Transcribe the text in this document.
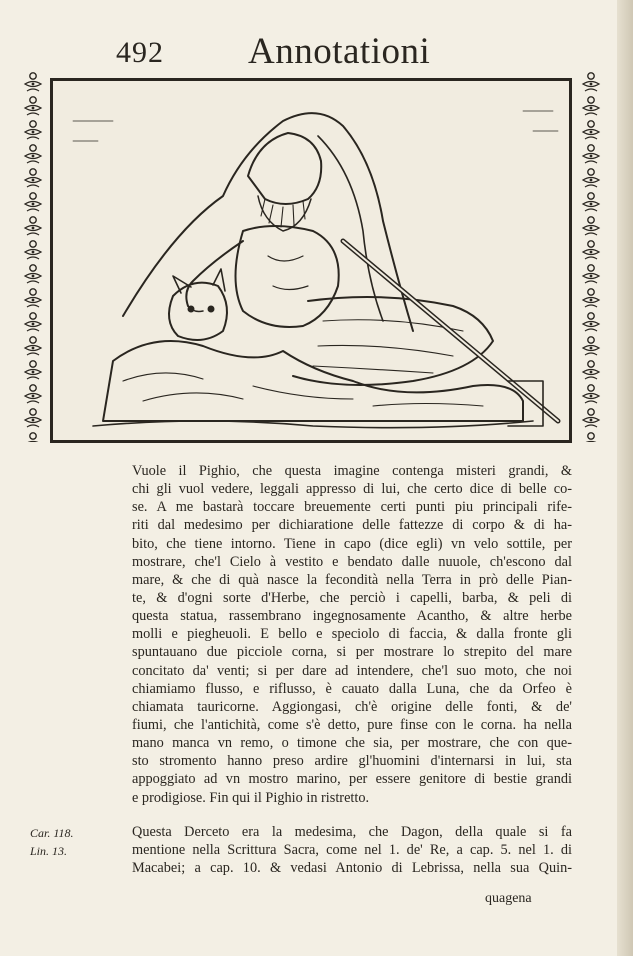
492 Annotationi
Vuole il Pighio, che questa imagine contenga misteri grandi, &
chi gli vuol vedere, leggali appresso di lui, che certo dice di belle co-
se. A me bastarà toccare breuemente certi punti piu principali rife-
riti dal medesimo per dichiaratione delle fattezze di corpo & di ha-
bito, che tiene intorno. Tiene in capo (dice egli) vn velo sottile, per
mostrare, che'l Cielo à vestito e bendato dalle nuuole, ch'escono dal
mare, & che di quà nasce la fecondità nella Terra in prò delle Pian-
te, & d'ogni sorte d'Herbe, che perciò i capelli, barba, & peli di
questa statua, rassembrano ingegnosamente Acantho, & altre herbe
molli e piegheuoli. E bello e speciolo di faccia, & dalla fronte gli
spuntauano due picciole corna, si per mostrare lo strepito del mare
concitato da' venti; si per dare ad intendere, che'l suo moto, che noi
chiamiamo flusso, e riflusso, è cauato dalla Luna, che da Orfeo è
chiamata tauricorne. Aggiongasi, ch'è origine delle fonti, & de'
fiumi, che l'antichità, come s'è detto, pure finse con le corna. ha nella
mano manca vn remo, o timone che sia, per mostrare, che con que-
sto stromento hanno preso ardire gl'huomini d'internarsi in lui, sta
appoggiato ad vn mostro marino, per essere genitore di bestie grandi
e prodigiose. Fin qui il Pighio in ristretto.
Questa Derceto era la medesima, che Dagon, della quale si fa
mentione nella Scrittura Sacra, come nel 1. de' Re, a cap. 5. nel 1. di
Macabei; a cap. 10. & vedasi Antonio di Lebrissa, nella sua Quin-
Car. 118.
Lin. 13.
quagena
